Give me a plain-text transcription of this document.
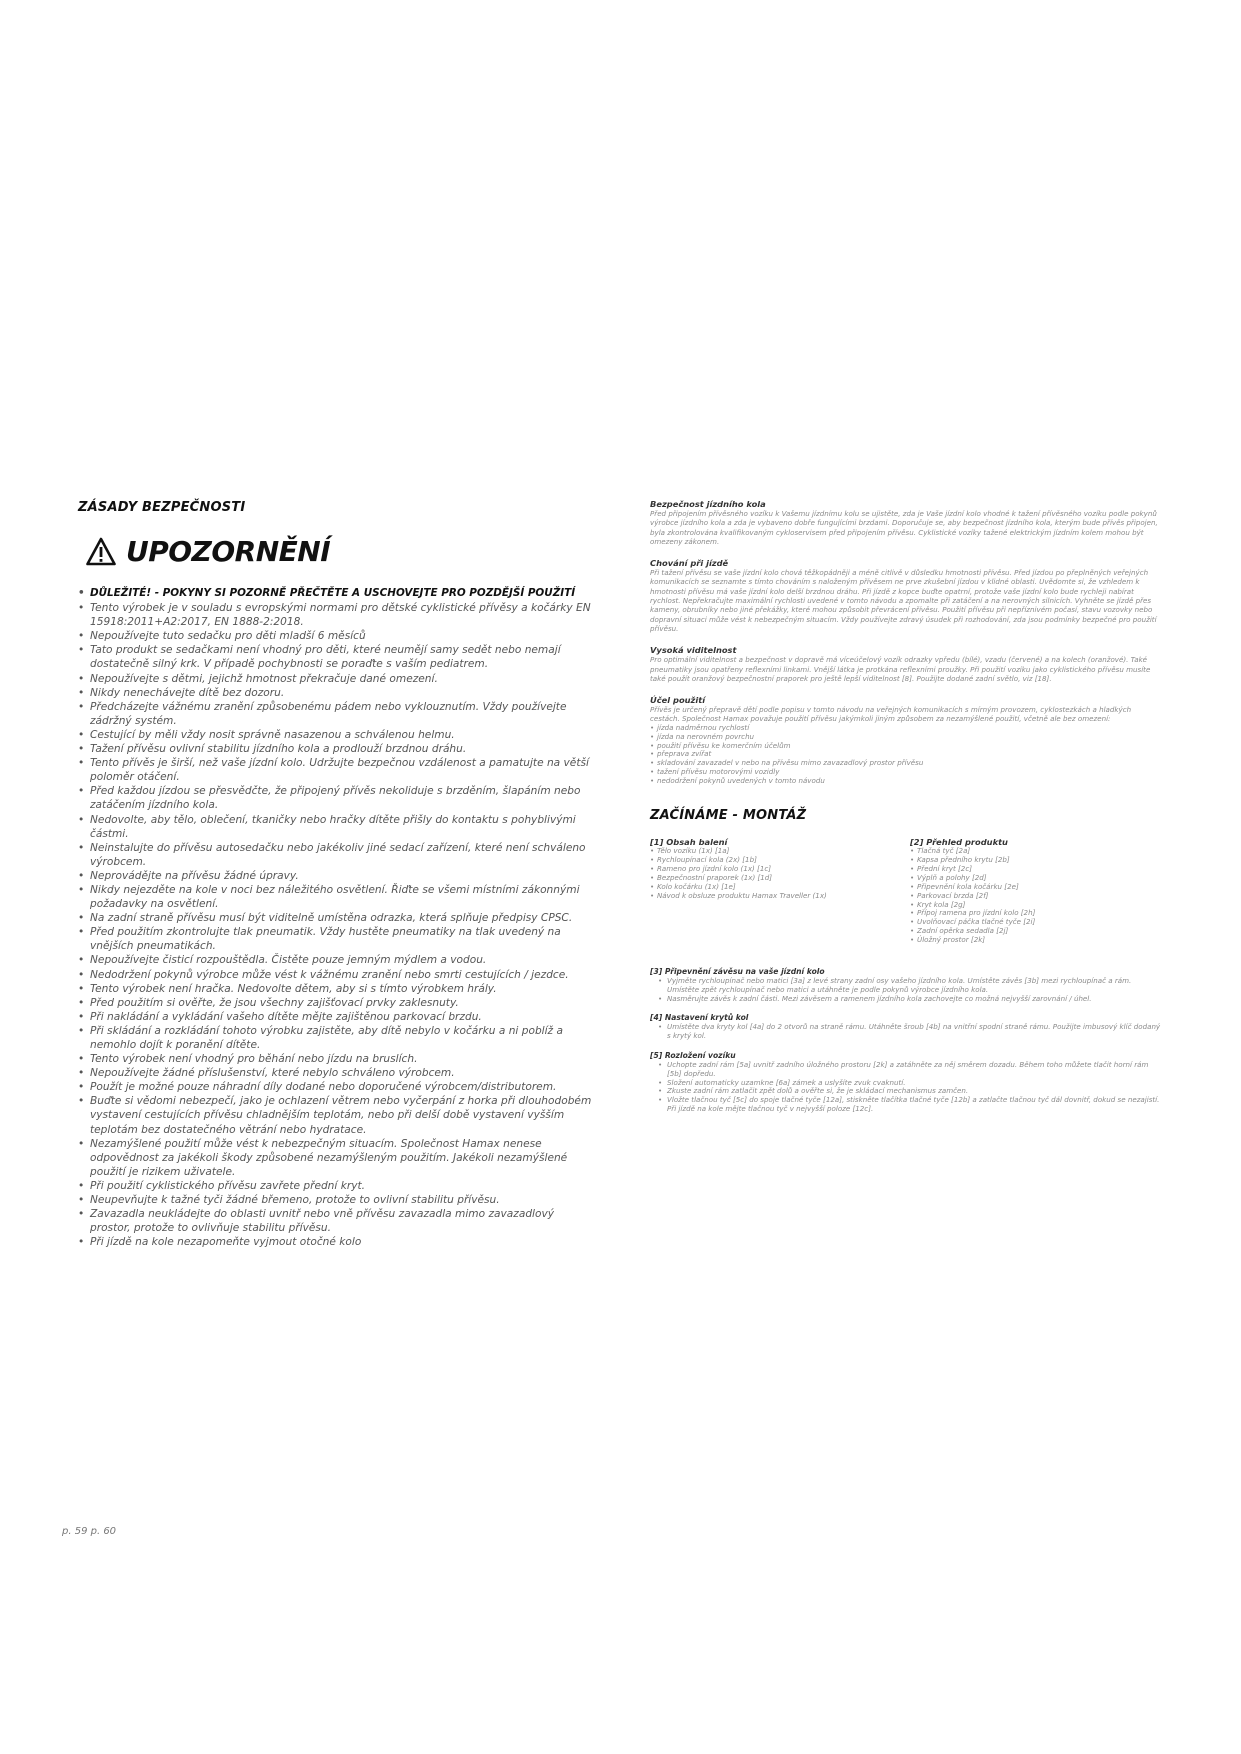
ZÁSADY BEZPEČNOSTI
UPOZORNĚNÍ
• DŮLEŽITÉ! - POKYNY SI POZORNĚ PŘEČTĚTE A USCHOVEJTE PRO POZDĚJŠÍ POUŽITÍ
• Tento výrobek je v souladu s evropskými normami pro dětské cyklistické přívěsy a kočárky EN 15918:2011+A2:2017, EN 1888-2:2018.
• Nepoužívejte tuto sedačku pro děti mladší 6 měsíců
• Tato produkt se sedačkami není vhodný pro děti, které neumějí samy sedět nebo nemají dostatečně silný krk. V případě pochybnosti se poraďte s vaším pediatrem.
• Nepoužívejte s dětmi, jejichž hmotnost překračuje dané omezení.
• Nikdy nenechávejte dítě bez dozoru.
• Předcházejte vážnému zranění způsobenému pádem nebo vyklouznutím. Vždy používejte zádržný systém.
• Cestující by měli vždy nosit správně nasazenou a schválenou helmu.
• Tažení přívěsu ovlivní stabilitu jízdního kola a prodlouží brzdnou dráhu.
• Tento přívěs je širší, než vaše jízdní kolo. Udržujte bezpečnou vzdálenost a pamatujte na větší poloměr otáčení.
• Před každou jízdou se přesvědčte, že připojený přívěs nekoliduje s brzděním, šlapáním nebo zatáčením jízdního kola.
• Nedovolte, aby tělo, oblečení, tkaničky nebo hračky dítěte přišly do kontaktu s pohyblivými částmi.
• Neinstalujte do přívěsu autosedačku nebo jakékoliv jiné sedací zařízení, které není schváleno výrobcem.
• Neprovádějte na přívěsu žádné úpravy.
• Nikdy nejezděte na kole v noci bez náležitého osvětlení. Řiďte se všemi místními zákonnými požadavky na osvětlení.
• Na zadní straně přívěsu musí být viditelně umístěna odrazka, která splňuje předpisy CPSC.
• Před použitím zkontrolujte tlak pneumatik. Vždy hustěte pneumatiky na tlak uvedený na vnějších pneumatikách.
• Nepoužívejte čisticí rozpouštědla. Čistěte pouze jemným mýdlem a vodou.
• Nedodržení pokynů výrobce může vést k vážnému zranění nebo smrti cestujících / jezdce.
• Tento výrobek není hračka. Nedovolte dětem, aby si s tímto výrobkem hrály.
• Před použitím si ověřte, že jsou všechny zajišťovací prvky zaklesnuty.
• Při nakládání a vykládání vašeho dítěte mějte zajištěnou parkovací brzdu.
• Při skládání a rozkládání tohoto výrobku zajistěte, aby dítě nebylo v kočárku a ni poblíž a nemohlo dojít k poranění dítěte.
• Tento výrobek není vhodný pro běhání nebo jízdu na bruslích.
• Nepoužívejte žádné příslušenství, které nebylo schváleno výrobcem.
• Použít je možné pouze náhradní díly dodané nebo doporučené výrobcem/distributorem.
• Buďte si vědomi nebezpečí, jako je ochlazení větrem nebo vyčerpání z horka při dlouhodobém vystavení cestujících přívěsu chladnějším teplotám, nebo při delší době vystavení vyšším teplotám bez dostatečného větrání nebo hydratace.
• Nezamýšlené použití může vést k nebezpečným situacím. Společnost Hamax nenese odpovědnost za jakékoli škody způsobené nezamýšleným použitím. Jakékoli nezamýšlené použití je rizikem uživatele.
• Při použití cyklistického přívěsu zavřete přední kryt.
• Neupevňujte k tažné tyči žádné břemeno, protože to ovlivní stabilitu přívěsu.
• Zavazadla neukládejte do oblasti uvnitř nebo vně přívěsu zavazadla mimo zavazadlový prostor, protože to ovlivňuje stabilitu přívěsu.
• Při jízdě na kole nezapomeňte vyjmout otočné kolo
p. 59 p. 60

Bezpečnost jízdního kola

Před připojením přívěsného vozíku k Vašemu jízdnímu kolu se ujistěte, zda je Vaše jízdní kolo vhodné k tažení přívěsného vozíku podle pokynů výrobce jízdního kola a zda je vybaveno dobře fungujícími brzdami. Doporučuje se, aby bezpečnost jízdního kola, kterým bude přívěs připojen, byla zkontrolována kvalifikovaným cykloservisem před připojením přívěsu. Cyklistické vozíky tažené elektrickým jízdním kolem mohou být omezeny zákonem.

Chování při jízdě

Při tažení přívěsu se vaše jízdní kolo chová těžkopádněji a méně citlivě v důsledku hmotnosti přívěsu. Před jízdou po přeplněných veřejných komunikacích se seznamte s tímto chováním s naloženým přívěsem ne prve zkušební jízdou v klidné oblasti. Uvědomte si, že vzhledem k hmotnosti přívěsu má vaše jízdní kolo delší brzdnou dráhu. Při jízdě z kopce buďte opatrní, protože vaše jízdní kolo bude rychleji nabírat rychlost. Nepřekračujte maximální rychlosti uvedené v tomto návodu a zpomalte při zatáčení a na nerovných silnicích. Vyhněte se jízdě přes kameny, obrubníky nebo jiné překážky, které mohou způsobit převrácení přívěsu. Použití přívěsu při nepříznivém počasí, stavu vozovky nebo dopravní situaci může vést k nebezpečným situacím. Vždy používejte zdravý úsudek při rozhodování, zda jsou podmínky bezpečné pro použití přívěsu.

Vysoká viditelnost

Pro optimální viditelnost a bezpečnost v dopravě má víceúčelový vozík odrazky vpředu (bílé), vzadu (červené) a na kolech (oranžové). Také pneumatiky jsou opatřeny reflexními linkami. Vnější látka je protkána reflexními proužky. Při použití vozíku jako cyklistického přívěsu musíte také použít oranžový bezpečnostní praporek pro ještě lepší viditelnost [8]. Použijte dodané zadní světlo, viz [18].

Účel použití

Přívěs je určený přepravě dětí podle popisu v tomto návodu na veřejných komunikacích s mírným provozem, cyklostezkách a hladkých cestách. Společnost Hamax považuje použití přívěsu jakýmkoli jiným způsobem za nezamýšlené použití, včetně ale bez omezení:

• jízda nadměrnou rychlostí
• jízda na nerovném povrchu
• použití přívěsu ke komerčním účelům
• přeprava zvířat
• skladování zavazadel v nebo na přívěsu mimo zavazadlový prostor přívěsu
• tažení přívěsu motorovými vozidly
• nedodržení pokynů uvedených v tomto návodu
ZAČÍNÁME - MONTÁŽ

[1] Obsah balení

• Tělo vozíku (1x) [1a]
• Rychloupínací kola (2x) [1b]
• Rameno pro jízdní kolo (1x) [1c]
• Bezpečnostní praporek (1x) [1d]
• Kolo kočárku (1x) [1e]
• Návod k obsluze produktu Hamax Traveller (1x)

[2] Přehled produktu

• Tlačná tyč [2a]
• Kapsa předního krytu [2b]
• Přední kryt [2c]
• Výplň a polohy [2d]
• Připevnění kola kočárku [2e]
• Parkovací brzda [2f]
• Kryt kola [2g]
• Přípoj ramena pro jízdní kolo [2h]
• Uvolňovací páčka tlačné tyče [2i]
• Zadní opěrka sedadla [2j]
• Úložný prostor [2k]

[3] Připevnění závěsu na vaše jízdní kolo

• Vyjměte rychloupínač nebo matici [3a] z levé strany zadní osy vašeho jízdního kola. Umístěte závěs [3b] mezi rychloupínač a rám. Umístěte zpět rychloupínač nebo matici a utáhněte je podle pokynů výrobce jízdního kola.
• Nasměrujte závěs k zadní části. Mezi závěsem a ramenem jízdního kola zachovejte co možná nejvyšší zarovnání / úhel.

[4] Nastavení krytů kol

• Umístěte dva kryty kol [4a] do 2 otvorů na straně rámu. Utáhněte šroub [4b] na vnitřní spodní straně rámu. Použijte imbusový klíč dodaný s krytý kol.

[5] Rozložení vozíku

• Uchopte zadní rám [5a] uvnitř zadního úložného prostoru [2k] a zatáhněte za něj směrem dozadu. Během toho můžete tlačit horní rám [5b] dopředu.
• Složení automaticky uzamkne [6a] zámek a uslyšíte zvuk cvaknutí.
• Zkuste zadní rám zatlačit zpět dolů a ověřte si, že je skládací mechanismus zamčen.
• Vložte tlačnou tyč [5c] do spoje tlačné tyče [12a], stiskněte tlačítka tlačné tyče [12b] a zatlačte tlačnou tyč dál dovnitř, dokud se nezajistí. Při jízdě na kole mějte tlačnou tyč v nejvyšší poloze [12c].
